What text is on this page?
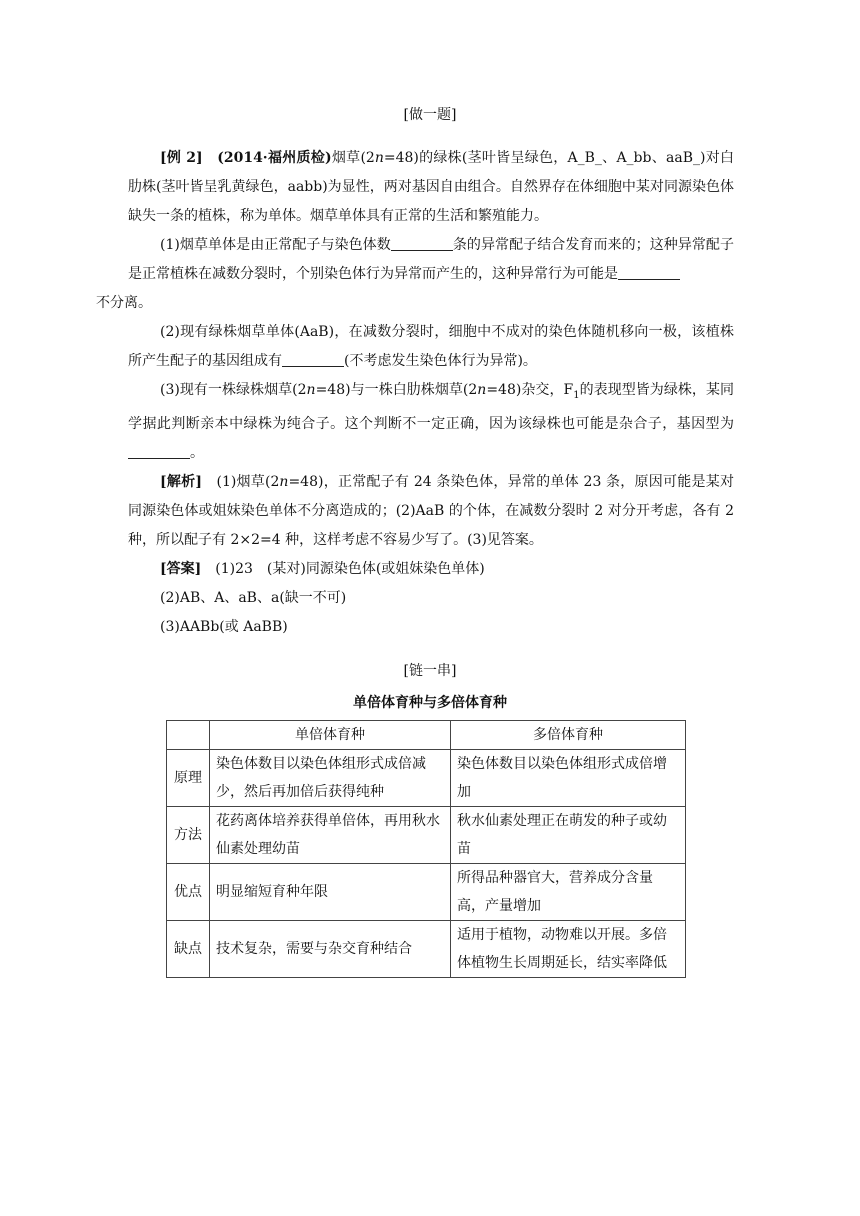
[做一题]

[例 2]　 (2014·福州质检)烟草(2n=48)的绿株(茎叶皆呈绿色，A_B_、A_bb、aaB_)对白肋株(茎叶皆呈乳黄绿色，aabb)为显性，两对基因自由组合。自然界存在体细胞中某对同源染色体缺失一条的植株，称为单体。烟草单体具有正常的生活和繁殖能力。

(1)烟草单体是由正常配子与染色体数	条的异常配子结合发育而来的；这种异常配子是正常植株在减数分裂时，个别染色体行为异常而产生的，这种异常行为可能是
不分离。

(2)现有绿株烟草单体(AaB)，在减数分裂时，细胞中不成对的染色体随机移向一极，该植株所产生配子的基因组成有	(不考虑发生染色体行为异常)。

(3)现有一株绿株烟草(2n=48)与一株白肋株烟草(2n=48)杂交，$F_1$的表现型皆为绿株，某同学据此判断亲本中绿株为纯合子。这个判断不一定正确，因为该绿株也可能是杂合子，基因型为。

[解析]　 (1)烟草(2n=48)，正常配子有 24 条染色体，异常的单体 23 条，原因可能是某对同源染色体或姐妹染色单体不分离造成的；(2)AaB 的个体，在减数分裂时 2 对分开考虑，各有 2 种，所以配子有 2×2=4 种，这样考虑不容易少写了。(3)见答案。

[答案]　 (1)23　(某对)同源染色体(或姐妹染色单体)

(2)AB、A、aB、a(缺一不可)

(3)AABb(或 AaBB)

[链一串]
单倍体育种与多倍体育种
	单倍体育种	多倍体育种
原理	染色体数目以染色体组形式成倍减少，然后再加倍后获得纯种	染色体数目以染色体组形式成倍增加
方法	花药离体培养获得单倍体，再用秋水仙素处理幼苗	秋水仙素处理正在萌发的种子或幼苗
优点	明显缩短育种年限	所得品种器官大，营养成分含量高，产量增加
缺点	技术复杂，需要与杂交育种结合	适用于植物，动物难以开展。多倍体植物生长周期延长，结实率降低
